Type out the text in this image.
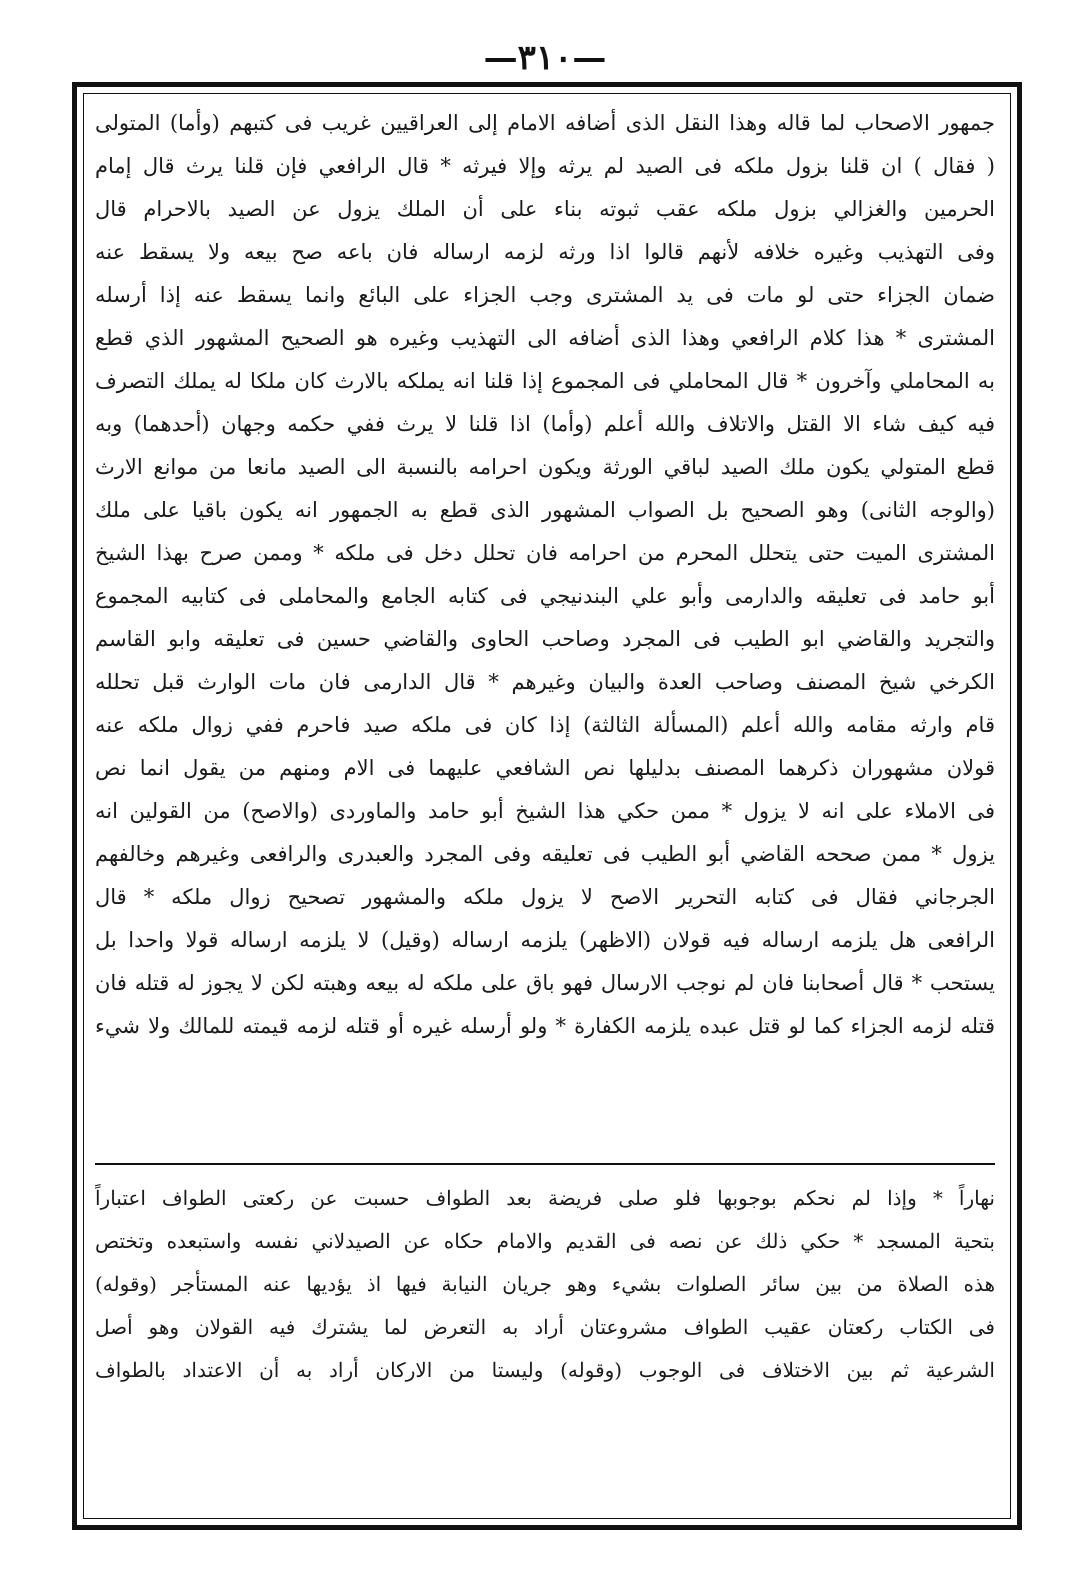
—٣١٠—
جمهور الاصحاب لما قاله وهذا النقل الذى أضافه الامام إلى العراقيين غريب فى كتبهم (وأما) المتولى
( فقال ) ان قلنا بزول ملكه فى الصيد لم يرثه وإلا فيرثه * قال الرافعي فإن قلنا يرث قال إمام
الحرمين والغزالي بزول ملكه عقب ثبوته بناء على أن الملك يزول عن الصيد بالاحرام قال
وفى التهذيب وغيره خلافه لأنهم قالوا اذا ورثه لزمه ارساله فان باعه صح بيعه ولا يسقط عنه
ضمان الجزاء حتى لو مات فى يد المشترى وجب الجزاء على البائع وانما يسقط عنه إذا أرسله
المشترى * هذا كلام الرافعي وهذا الذى أضافه الى التهذيب وغيره هو الصحيح المشهور الذي قطع
به المحاملي وآخرون * قال المحاملي فى المجموع إذا قلنا انه يملكه بالارث كان ملكا له يملك التصرف
فيه كيف شاء الا القتل والاتلاف والله أعلم (وأما) اذا قلنا لا يرث ففي حكمه وجهان (أحدهما) وبه
قطع المتولي يكون ملك الصيد لباقي الورثة ويكون احرامه بالنسبة الى الصيد مانعا من موانع الارث
(والوجه الثانى) وهو الصحيح بل الصواب المشهور الذى قطع به الجمهور انه يكون باقيا على ملك
المشترى الميت حتى يتحلل المحرم من احرامه فان تحلل دخل فى ملكه * وممن صرح بهذا الشيخ
أبو حامد فى تعليقه والدارمى وأبو علي البندنيجي فى كتابه الجامع والمحاملى فى كتابيه المجموع
والتجريد والقاضي ابو الطيب فى المجرد وصاحب الحاوى والقاضي حسين فى تعليقه وابو القاسم
الكرخي شيخ المصنف وصاحب العدة والبيان وغيرهم * قال الدارمى فان مات الوارث قبل تحلله
قام وارثه مقامه والله أعلم (المسألة الثالثة) إذا كان فى ملكه صيد فاحرم ففي زوال ملكه عنه
قولان مشهوران ذكرهما المصنف بدليلها نص الشافعي عليهما فى الام ومنهم من يقول انما نص
فى الاملاء على انه لا يزول * ممن حكي هذا الشيخ أبو حامد والماوردى (والاصح) من القولين انه
يزول * ممن صححه القاضي أبو الطيب فى تعليقه وفى المجرد والعبدرى والرافعى وغيرهم وخالفهم
الجرجاني فقال فى كتابه التحرير الاصح لا يزول ملكه والمشهور تصحيح زوال ملكه * قال
الرافعى هل يلزمه ارساله فيه قولان (الاظهر) يلزمه ارساله (وقيل) لا يلزمه ارساله قولا واحدا بل
يستحب * قال أصحابنا فان لم نوجب الارسال فهو باق على ملكه له بيعه وهبته لكن لا يجوز له قتله فان
قتله لزمه الجزاء كما لو قتل عبده يلزمه الكفارة * ولو أرسله غيره أو قتله لزمه قيمته للمالك ولا شيء
نهاراً * وإذا لم نحكم بوجوبها فلو صلى فريضة بعد الطواف حسبت عن ركعتى الطواف اعتباراً
بتحية المسجد * حكي ذلك عن نصه فى القديم والامام حكاه عن الصيدلاني نفسه واستبعده وتختص
هذه الصلاة من بين سائر الصلوات بشيء وهو جريان النيابة فيها اذ يؤديها عنه المستأجر (وقوله)
فى الكتاب ركعتان عقيب الطواف مشروعتان أراد به التعرض لما يشترك فيه القولان وهو أصل
الشرعية ثم بين الاختلاف فى الوجوب (وقوله) وليستا من الاركان أراد به أن الاعتداد بالطواف
